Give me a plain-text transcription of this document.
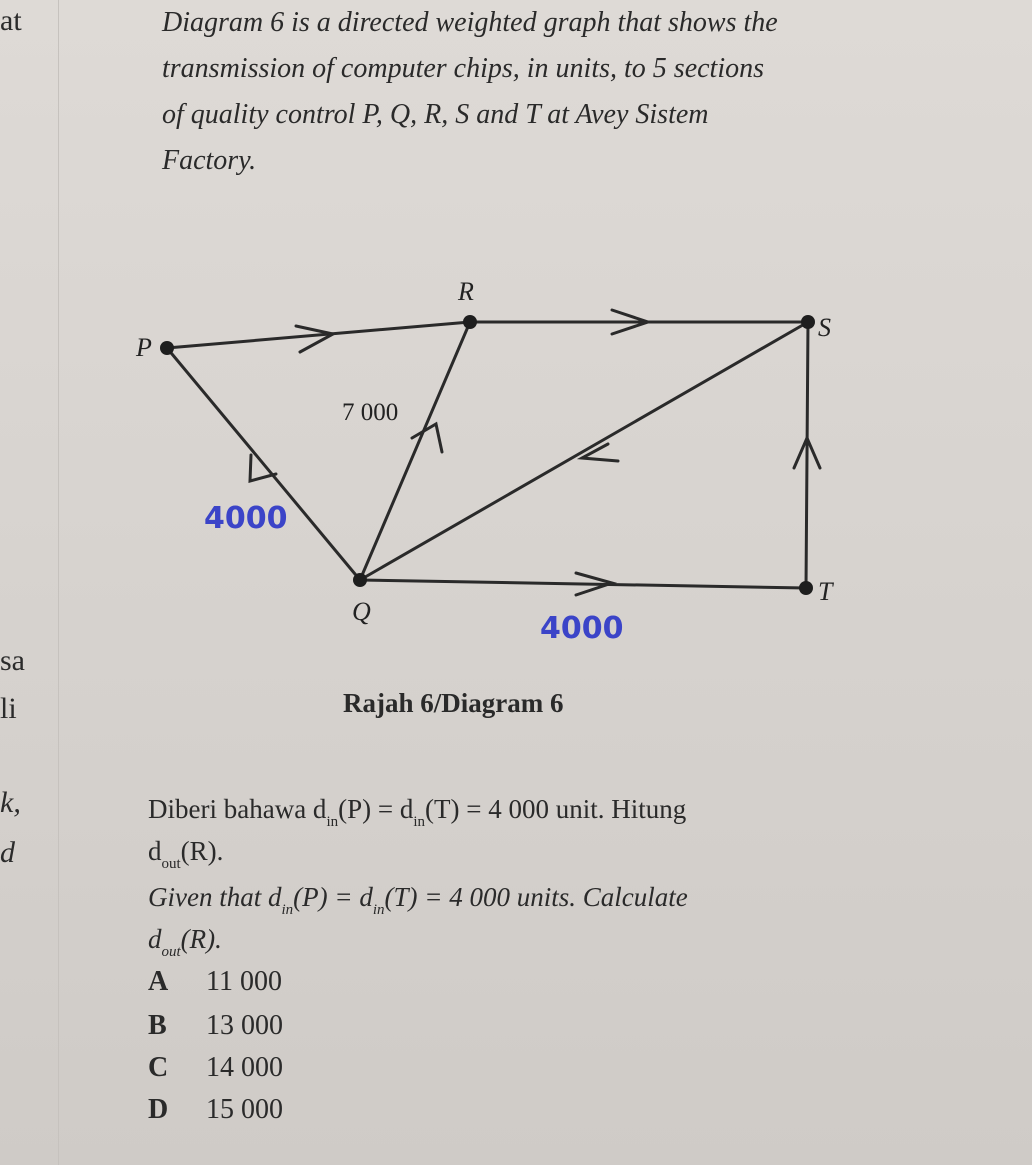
at
sa
li
k,
d
Diagram 6 is a directed weighted graph that shows the
transmission of computer chips, in units, to 5 sections
of quality control P, Q, R, S and T at Avey Sistem
Factory.
P
Q
R
S
T
7 000
4000
4000
Rajah 6/Diagram 6
Diberi bahawa $d_{in}(P) = d_{in}(T) = 4$ 000 unit. Hitung
$d_{out}(R)$.
Given that $d_{in}(P) = d_{in}(T) = 4$ 000 units. Calculate
$d_{out}(R)$.
A 11 000
B 13 000
C 14 000
D 15 000
